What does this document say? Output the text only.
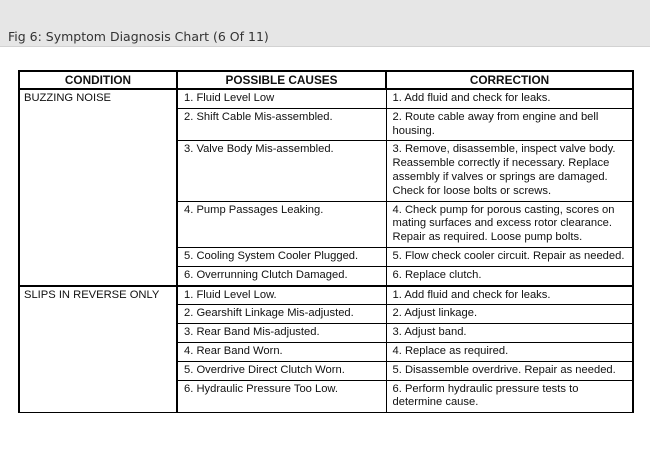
Fig 6: Symptom Diagnosis Chart (6 Of 11)
CONDITION	POSSIBLE CAUSES	CORRECTION
BUZZING NOISE	1. Fluid Level Low	1. Add fluid and check for leaks.
	2. Shift Cable Mis-assembled.	2. Route cable away from engine and bell housing.
	3. Valve Body Mis-assembled.	3. Remove, disassemble, inspect valve body. Reassemble correctly if necessary. Replace assembly if valves or springs are damaged. Check for loose bolts or screws.
	4. Pump Passages Leaking.	4. Check pump for porous casting, scores on mating surfaces and excess rotor clearance. Repair as required. Loose pump bolts.
	5. Cooling System Cooler Plugged.	5. Flow check cooler circuit. Repair as needed.
	6. Overrunning Clutch Damaged.	6. Replace clutch.
SLIPS IN REVERSE ONLY	1. Fluid Level Low.	1. Add fluid and check for leaks.
	2. Gearshift Linkage Mis-adjusted.	2. Adjust linkage.
	3. Rear Band Mis-adjusted.	3. Adjust band.
	4. Rear Band Worn.	4. Replace as required.
	5. Overdrive Direct Clutch Worn.	5. Disassemble overdrive. Repair as needed.
	6. Hydraulic Pressure Too Low.	6. Perform hydraulic pressure tests to determine cause.
